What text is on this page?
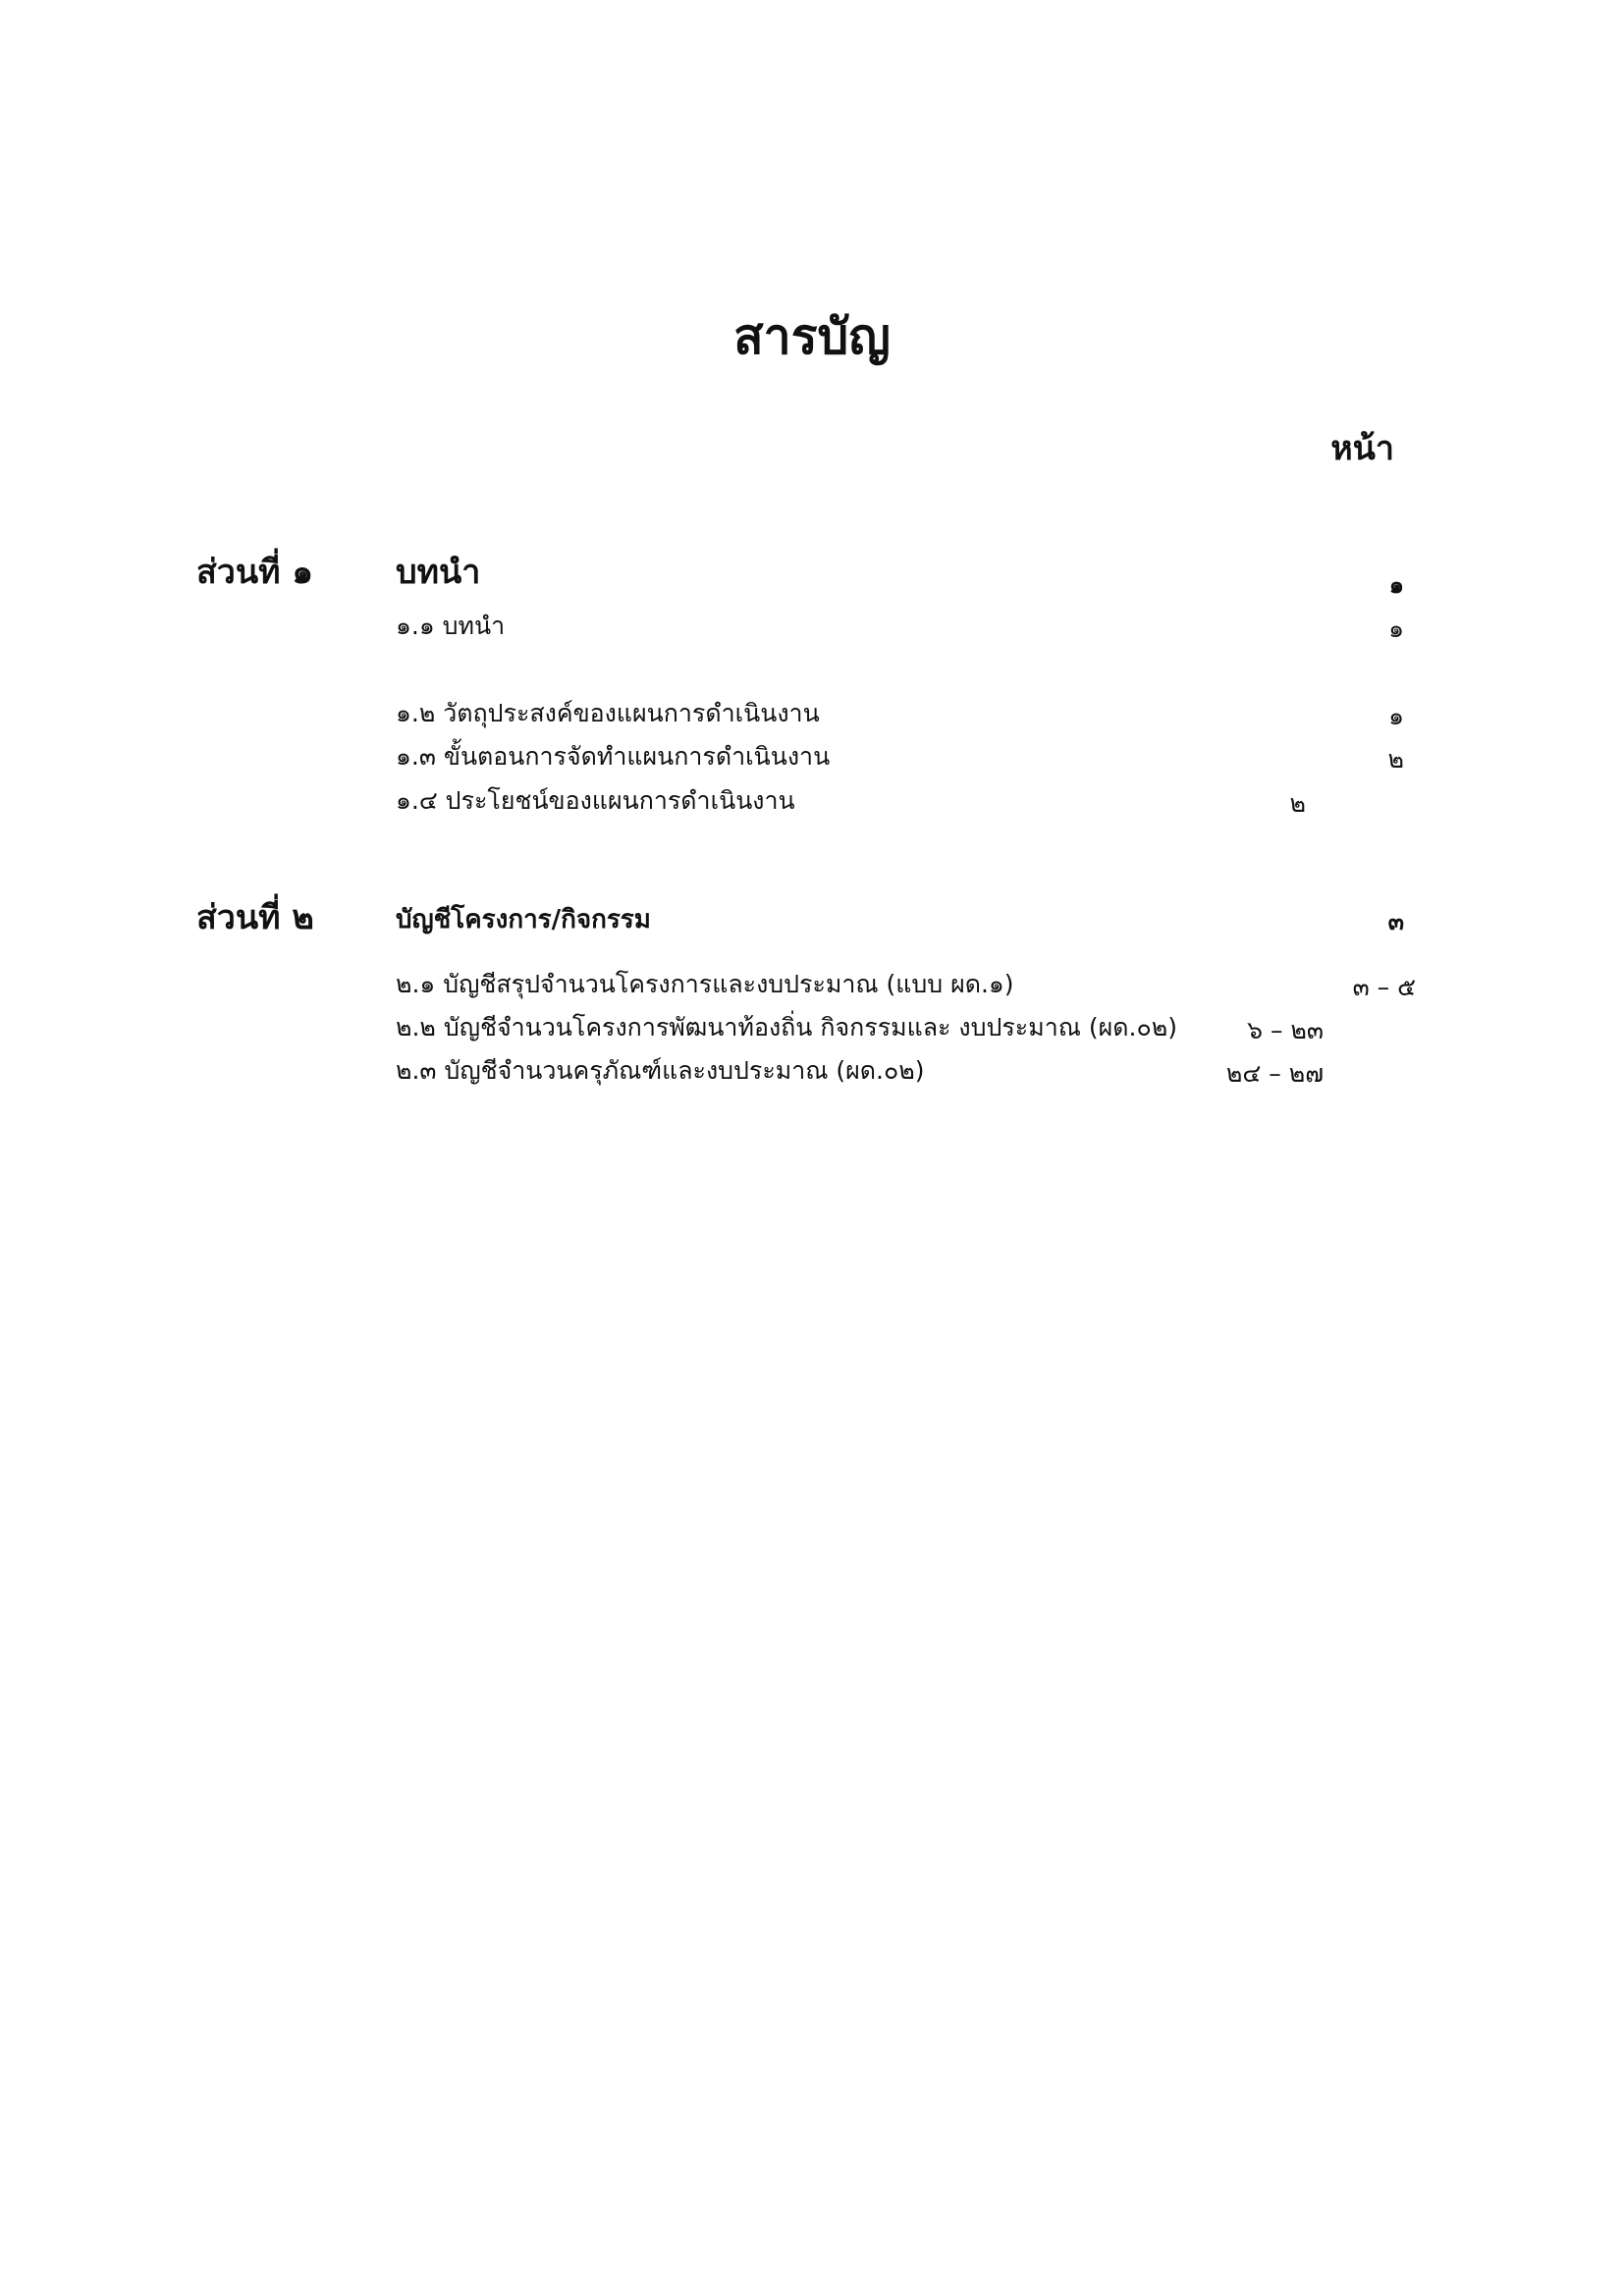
สารบัญ
หน้า
ส่วนที่ ๑ บทนำ	๑
๑.๑ บทนำ	๑
๑.๒ วัตถุประสงค์ของแผนการดำเนินงาน	๑
๑.๓ ขั้นตอนการจัดทำแผนการดำเนินงาน	๒
๑.๔ ประโยชน์ของแผนการดำเนินงาน	๒
ส่วนที่ ๒	บัญชีโครงการ/กิจกรรม	๓
๒.๑ บัญชีสรุปจำนวนโครงการและงบประมาณ (แบบ ผด.๑)	๓ – ๕
๒.๒ บัญชีจำนวนโครงการพัฒนาท้องถิ่น กิจกรรมและ งบประมาณ (ผด.๐๒)	๖ – ๒๓
๒.๓ บัญชีจำนวนครุภัณฑ์และงบประมาณ (ผด.๐๒)	๒๔ – ๒๗
